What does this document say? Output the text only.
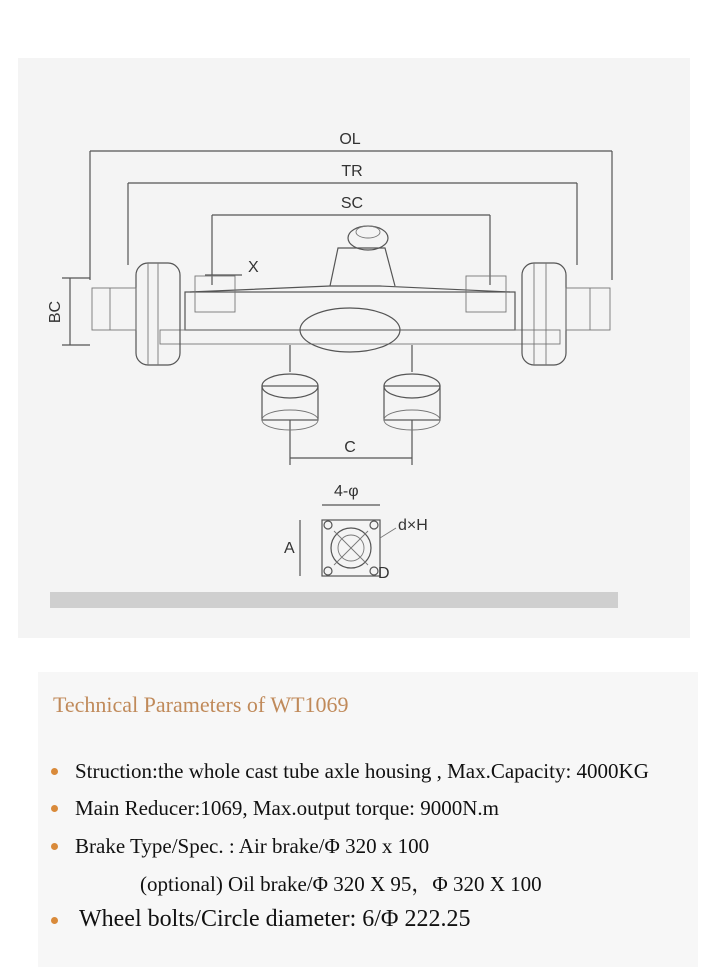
OL
TR
SC
BC
X
C
4-φ
A
d×H
D
Technical Parameters of WT1069
Struction:the whole cast tube axle housing , Max.Capacity: 4000KG
Main Reducer:1069, Max.output torque: 9000N.m
Brake Type/Spec. : Air brake/Φ 320 x 100
(optional) Oil brake/Φ 320 X 95，Φ 320 X 100
Wheel bolts/Circle diameter: 6/Φ 222.25
